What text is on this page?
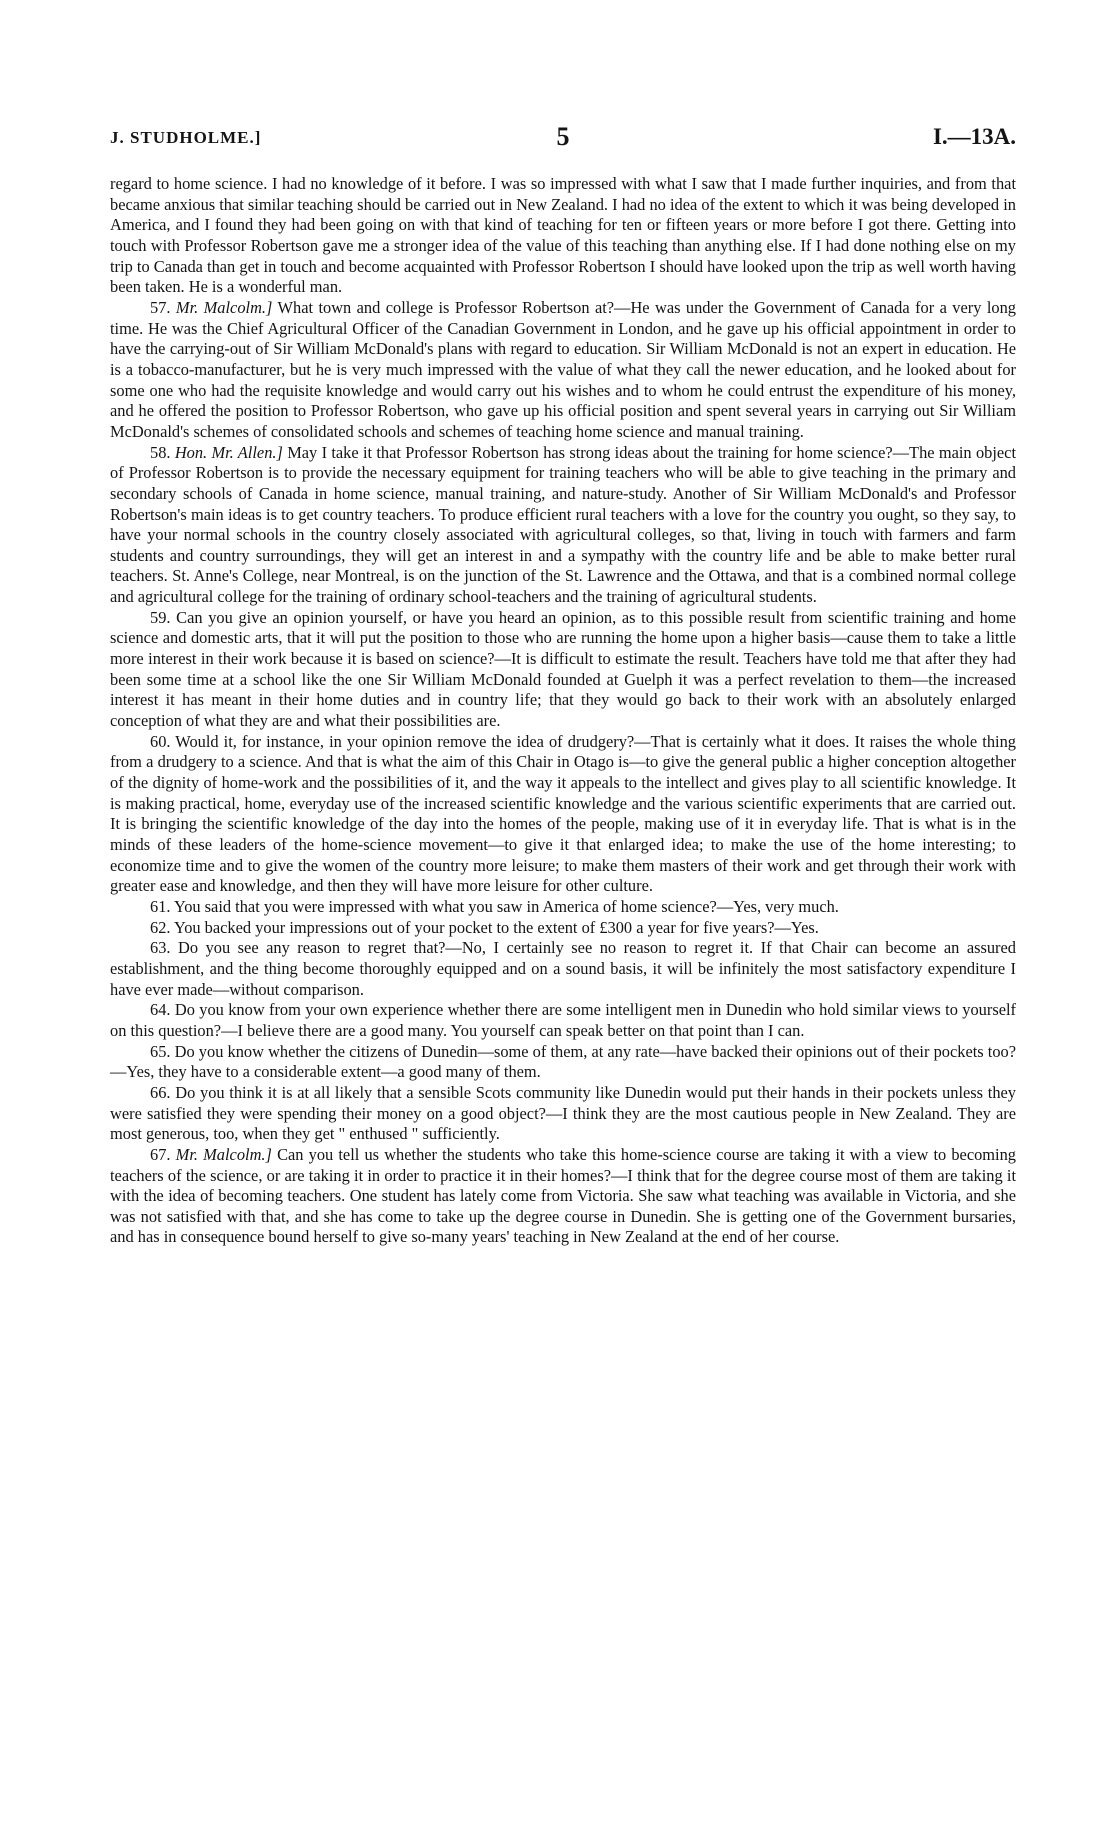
J. STUDHOLME.]	5	I.—13A.

regard to home science. I had no knowledge of it before. I was so impressed with what I saw that I made further inquiries, and from that became anxious that similar teaching should be carried out in New Zealand. I had no idea of the extent to which it was being developed in America, and I found they had been going on with that kind of teaching for ten or fifteen years or more before I got there. Getting into touch with Professor Robertson gave me a stronger idea of the value of this teaching than anything else. If I had done nothing else on my trip to Canada than get in touch and become acquainted with Professor Robertson I should have looked upon the trip as well worth having been taken. He is a wonderful man.

57. Mr. Malcolm.] What town and college is Professor Robertson at?—He was under the Government of Canada for a very long time. He was the Chief Agricultural Officer of the Canadian Government in London, and he gave up his official appointment in order to have the carrying-out of Sir William McDonald's plans with regard to education. Sir William McDonald is not an expert in education. He is a tobacco-manufacturer, but he is very much impressed with the value of what they call the newer education, and he looked about for some one who had the requisite knowledge and would carry out his wishes and to whom he could entrust the expenditure of his money, and he offered the position to Professor Robertson, who gave up his official position and spent several years in carrying out Sir William McDonald's schemes of consolidated schools and schemes of teaching home science and manual training.

58. Hon. Mr. Allen.] May I take it that Professor Robertson has strong ideas about the training for home science?—The main object of Professor Robertson is to provide the necessary equipment for training teachers who will be able to give teaching in the primary and secondary schools of Canada in home science, manual training, and nature-study. Another of Sir William McDonald's and Professor Robertson's main ideas is to get country teachers. To produce efficient rural teachers with a love for the country you ought, so they say, to have your normal schools in the country closely associated with agricultural colleges, so that, living in touch with farmers and farm students and country surroundings, they will get an interest in and a sympathy with the country life and be able to make better rural teachers. St. Anne's College, near Montreal, is on the junction of the St. Lawrence and the Ottawa, and that is a combined normal college and agricultural college for the training of ordinary school-teachers and the training of agricultural students.

59. Can you give an opinion yourself, or have you heard an opinion, as to this possible result from scientific training and home science and domestic arts, that it will put the position to those who are running the home upon a higher basis—cause them to take a little more interest in their work because it is based on science?—It is difficult to estimate the result. Teachers have told me that after they had been some time at a school like the one Sir William McDonald founded at Guelph it was a perfect revelation to them—the increased interest it has meant in their home duties and in country life; that they would go back to their work with an absolutely enlarged conception of what they are and what their possibilities are.

60. Would it, for instance, in your opinion remove the idea of drudgery?—That is certainly what it does. It raises the whole thing from a drudgery to a science. And that is what the aim of this Chair in Otago is—to give the general public a higher conception altogether of the dignity of home-work and the possibilities of it, and the way it appeals to the intellect and gives play to all scientific knowledge. It is making practical, home, everyday use of the increased scientific knowledge and the various scientific experiments that are carried out. It is bringing the scientific knowledge of the day into the homes of the people, making use of it in everyday life. That is what is in the minds of these leaders of the home-science movement—to give it that enlarged idea; to make the use of the home interesting; to economize time and to give the women of the country more leisure; to make them masters of their work and get through their work with greater ease and knowledge, and then they will have more leisure for other culture.

61. You said that you were impressed with what you saw in America of home science?—Yes, very much.

62. You backed your impressions out of your pocket to the extent of £300 a year for five years?—Yes.

63. Do you see any reason to regret that?—No, I certainly see no reason to regret it. If that Chair can become an assured establishment, and the thing become thoroughly equipped and on a sound basis, it will be infinitely the most satisfactory expenditure I have ever made—without comparison.

64. Do you know from your own experience whether there are some intelligent men in Dunedin who hold similar views to yourself on this question?—I believe there are a good many. You yourself can speak better on that point than I can.

65. Do you know whether the citizens of Dunedin—some of them, at any rate—have backed their opinions out of their pockets too?—Yes, they have to a considerable extent—a good many of them.

66. Do you think it is at all likely that a sensible Scots community like Dunedin would put their hands in their pockets unless they were satisfied they were spending their money on a good object?—I think they are the most cautious people in New Zealand. They are most generous, too, when they get " enthused " sufficiently.

67. Mr. Malcolm.] Can you tell us whether the students who take this home-science course are taking it with a view to becoming teachers of the science, or are taking it in order to practice it in their homes?—I think that for the degree course most of them are taking it with the idea of becoming teachers. One student has lately come from Victoria. She saw what teaching was available in Victoria, and she was not satisfied with that, and she has come to take up the degree course in Dunedin. She is getting one of the Government bursaries, and has in consequence bound herself to give so-many years' teaching in New Zealand at the end of her course.
